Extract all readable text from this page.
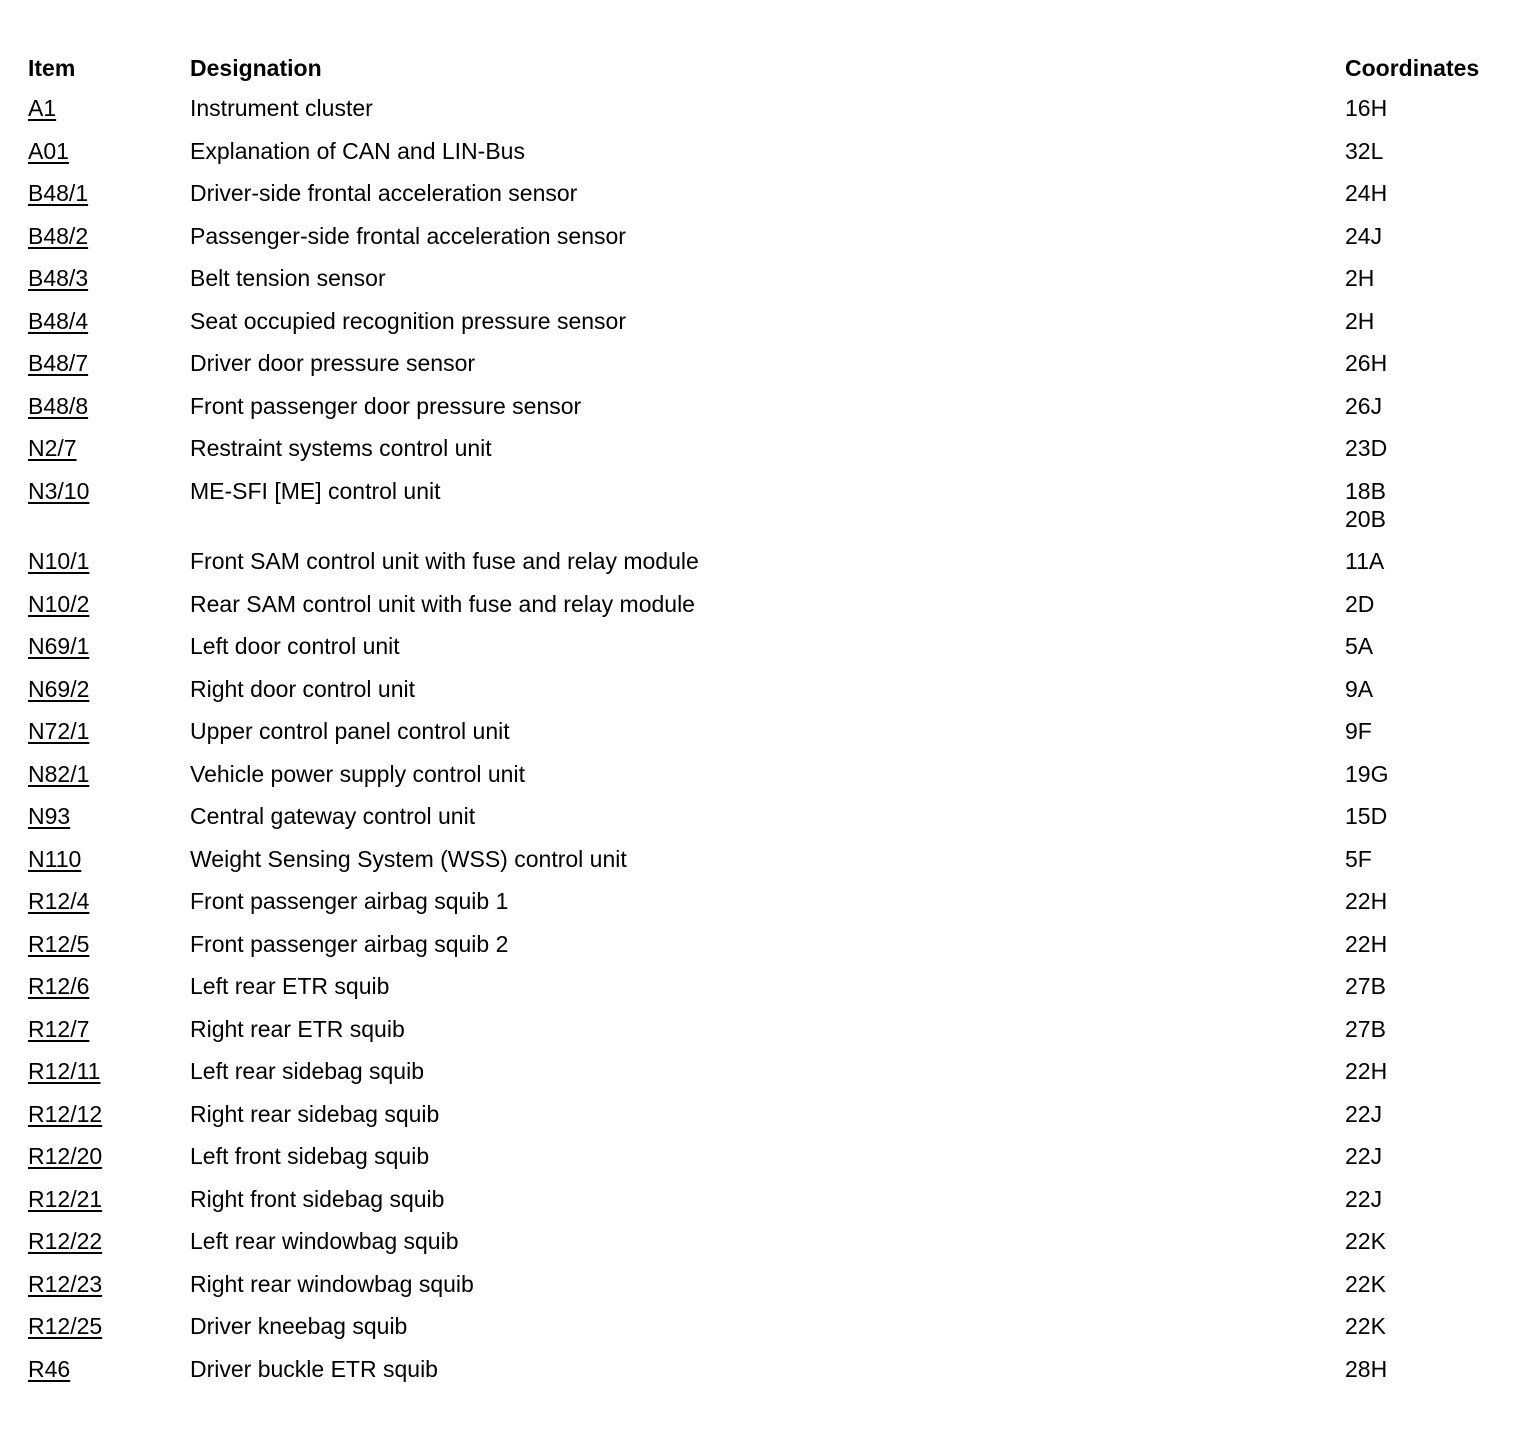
Item	Designation	Coordinates
A1	Instrument cluster	16H
A01	Explanation of CAN and LIN-Bus	32L
B48/1	Driver-side frontal acceleration sensor	24H
B48/2	Passenger-side frontal acceleration sensor	24J
B48/3	Belt tension sensor	2H
B48/4	Seat occupied recognition pressure sensor	2H
B48/7	Driver door pressure sensor	26H
B48/8	Front passenger door pressure sensor	26J
N2/7	Restraint systems control unit	23D
N3/10	ME-SFI [ME] control unit	18B
20B
N10/1	Front SAM control unit with fuse and relay module	11A
N10/2	Rear SAM control unit with fuse and relay module	2D
N69/1	Left door control unit	5A
N69/2	Right door control unit	9A
N72/1	Upper control panel control unit	9F
N82/1	Vehicle power supply control unit	19G
N93	Central gateway control unit	15D
N110	Weight Sensing System (WSS) control unit	5F
R12/4	Front passenger airbag squib 1	22H
R12/5	Front passenger airbag squib 2	22H
R12/6	Left rear ETR squib	27B
R12/7	Right rear ETR squib	27B
R12/11	Left rear sidebag squib	22H
R12/12	Right rear sidebag squib	22J
R12/20	Left front sidebag squib	22J
R12/21	Right front sidebag squib	22J
R12/22	Left rear windowbag squib	22K
R12/23	Right rear windowbag squib	22K
R12/25	Driver kneebag squib	22K
R46	Driver buckle ETR squib	28H
